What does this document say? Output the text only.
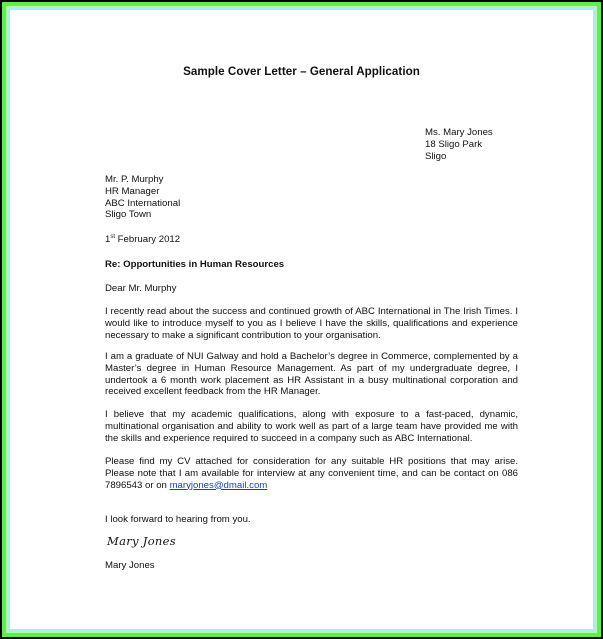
Sample Cover Letter – General Application
Ms. Mary Jones
18 Sligo Park
Sligo
Mr. P. Murphy
HR Manager
ABC International
Sligo Town
1st February 2012
Re: Opportunities in Human Resources
Dear Mr. Murphy
I recently read about the success and continued growth of ABC International in The Irish Times. I would like to introduce myself to you as I believe I have the skills, qualifications and experience necessary to make a significant contribution to your organisation.
I am a graduate of NUI Galway and hold a Bachelor’s degree in Commerce, complemented by a Master’s degree in Human Resource Management. As part of my undergraduate degree, I undertook a 6 month work placement as HR Assistant in a busy multinational corporation and received excellent feedback from the HR Manager.
I believe that my academic qualifications, along with exposure to a fast-paced, dynamic, multinational organisation and ability to work well as part of a large team have provided me with the skills and experience required to succeed in a company such as ABC International.
Please find my CV attached for consideration for any suitable HR positions that may arise. Please note that I am available for interview at any convenient time, and can be contact on 086 7896543 or on maryjones@dmail.com
I look forward to hearing from you.
Mary Jones
Mary Jones
